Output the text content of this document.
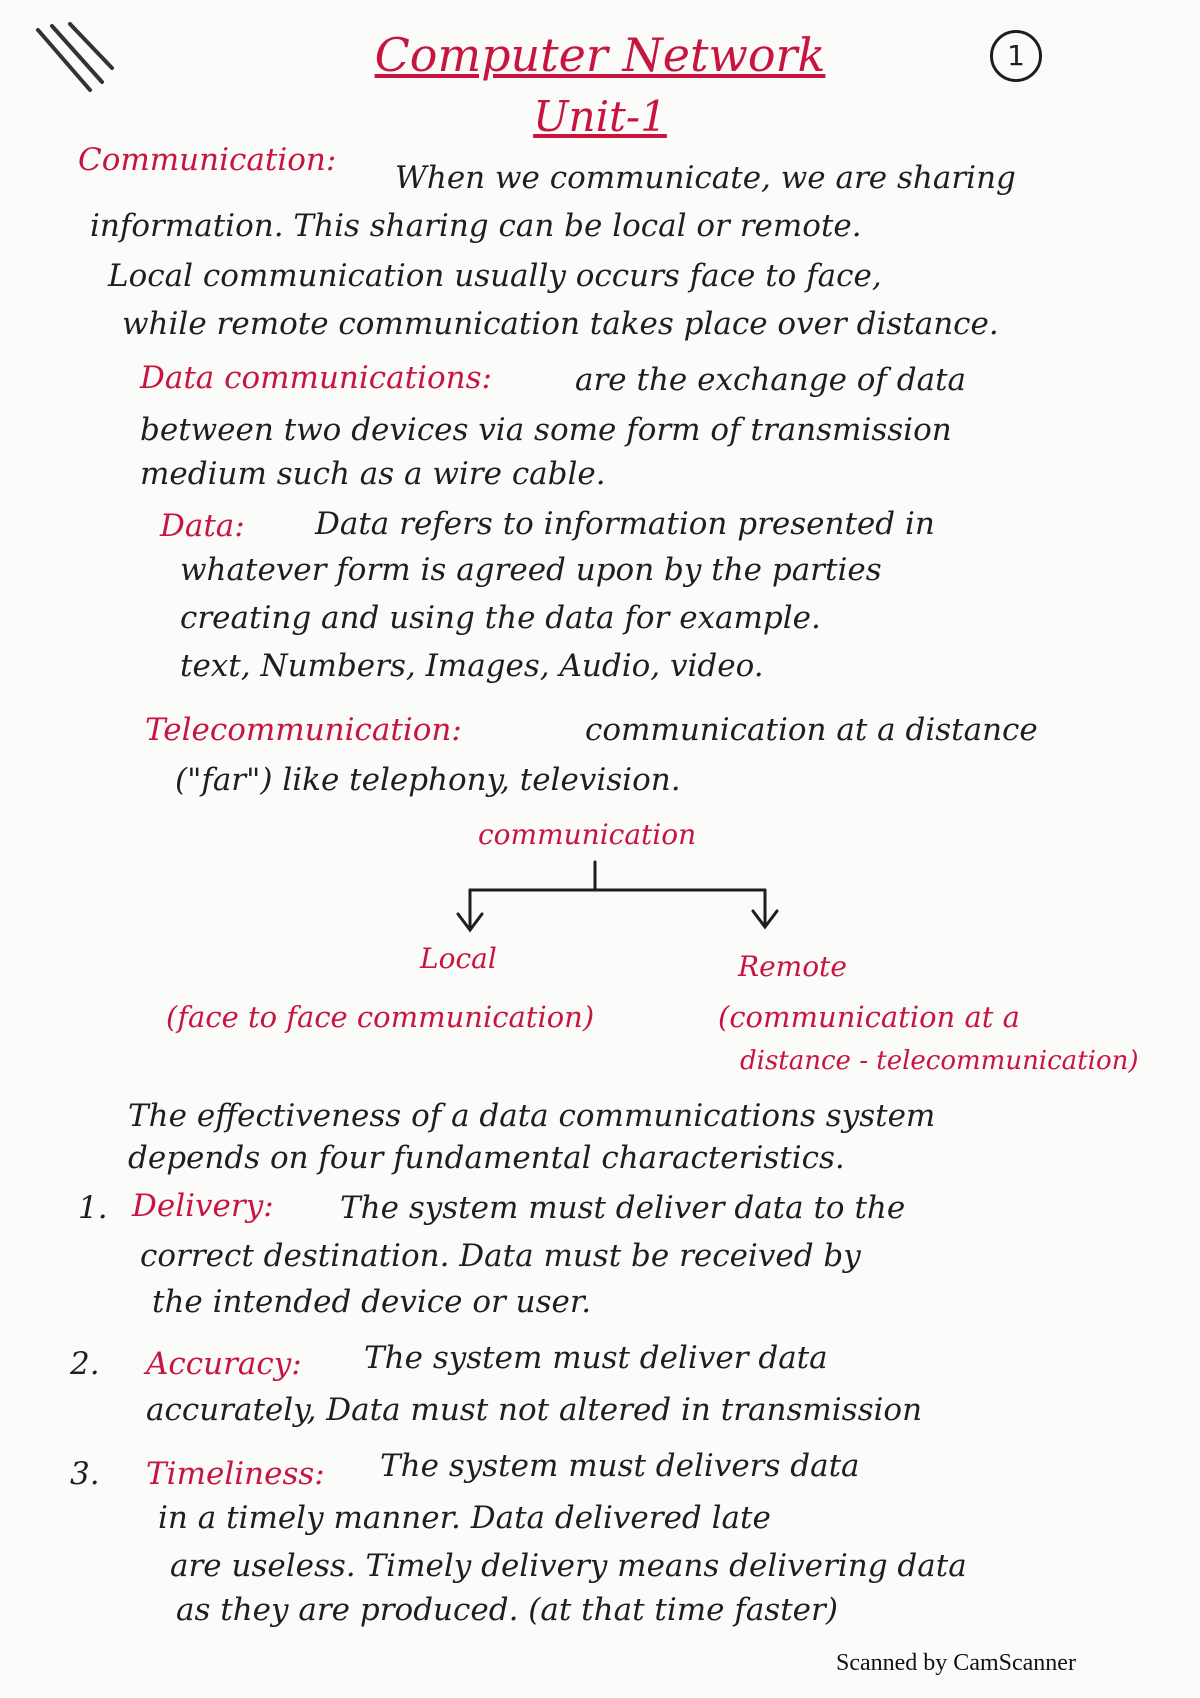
Computer Network
Unit-1
1
Communication: When we communicate, we are sharing
information. This sharing can be local or remote.
Local communication usually occurs face to face,
while remote communication takes place over distance.
Data communications:	are the exchange of data
between two devices via some form of transmission
medium such as a wire cable.
Data: Data refers to information presented in
whatever form is agreed upon by the parties
creating and using the data for example.
text, Numbers, Images, Audio, video.
Telecommunication:	communication at a distance
("far") like telephony, television.
communication
Local	Remote
(face to face communication)	(communication at a
distance - telecommunication)
The effectiveness of a data communications system
depends on four fundamental characteristics.
1. Delivery: The system must deliver data to the
correct destination. Data must be received by
the intended device or user.
2. Accuracy: The system must deliver data
accurately, Data must not altered in transmission
3. Timeliness: The system must delivers data
in a timely manner. Data delivered late
are useless. Timely delivery means delivering data
as they are produced. (at that time faster)
Scanned by CamScanner
